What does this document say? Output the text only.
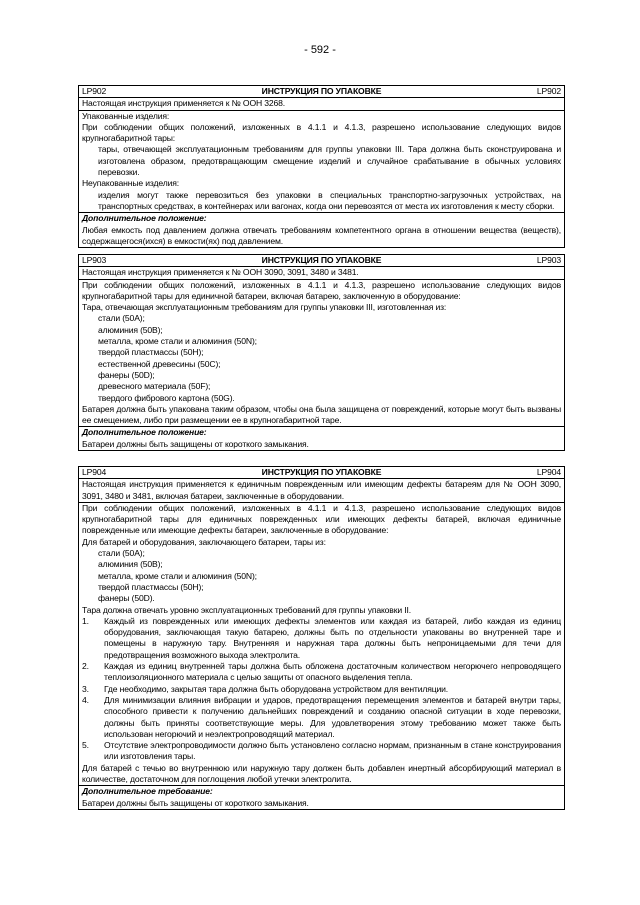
- 592 -
LP902	ИНСТРУКЦИЯ ПО УПАКОВКЕ	LP902
Настоящая инструкция применяется к № ООН 3268.
Упакованные изделия:
При соблюдении общих положений, изложенных в 4.1.1 и 4.1.3, разрешено использование следующих видов крупногабаритной тары:
тары, отвечающей эксплуатационным требованиям для группы упаковки III. Тара должна быть сконструирована и изготовлена образом, предотвращающим смещение изделий и случайное срабатывание в обычных условиях перевозки.
Неупакованные изделия:
изделия могут также перевозиться без упаковки в специальных транспортно-загрузочных устройствах, на транспортных средствах, в контейнерах или вагонах, когда они перевозятся от места их изготовления к месту сборки.
Дополнительное положение:
Любая емкость под давлением должна отвечать требованиям компетентного органа в отношении вещества (веществ), содержащегося(ихся) в емкости(ях) под давлением.
LP903	ИНСТРУКЦИЯ ПО УПАКОВКЕ	LP903
Настоящая инструкция применяется к № ООН 3090, 3091, 3480 и 3481.
При соблюдении общих положений, изложенных в 4.1.1 и 4.1.3, разрешено использование следующих видов крупногабаритной тары для единичной батареи, включая батарею, заключенную в оборудование:
Тара, отвечающая эксплуатационным требованиям для группы упаковки III, изготовленная из:
стали (50A);
алюминия (50B);
металла, кроме стали и алюминия (50N);
твердой пластмассы (50H);
естественной древесины (50C);
фанеры (50D);
древесного материала (50F);
твердого фибрового картона (50G).
Батарея должна быть упакована таким образом, чтобы она была защищена от повреждений, которые могут быть вызваны ее смещением, либо при размещении ее в крупногабаритной таре.
Дополнительное положение:
Батареи должны быть защищены от короткого замыкания.
LP904	ИНСТРУКЦИЯ ПО УПАКОВКЕ	LP904
Настоящая инструкция применяется к единичным поврежденным или имеющим дефекты батареям для № ООН 3090, 3091, 3480 и 3481, включая батареи, заключенные в оборудовании.
При соблюдении общих положений, изложенных в 4.1.1 и 4.1.3, разрешено использование следующих видов крупногабаритной тары для единичных поврежденных или имеющих дефекты батарей, включая единичные поврежденные или имеющие дефекты батареи, заключенные в оборудование:
Для батарей и оборудования, заключающего батареи, тары из:
стали (50A);
алюминия (50B);
металла, кроме стали и алюминия (50N);
твердой пластмассы (50H);
фанеры (50D).
Тара должна отвечать уровню эксплуатационных требований для группы упаковки II.
1.	Каждый из поврежденных или имеющих дефекты элементов или каждая из батарей, либо каждая из единиц оборудования, заключающая такую батарею, должны быть по отдельности упакованы во внутренней таре и помещены в наружную тару. Внутренняя и наружная тара должны быть непроницаемыми для течи для предотвращения возможного выхода электролита.
2.	Каждая из единиц внутренней тары должна быть обложена достаточным количеством негорючего непроводящего теплоизоляционного материала с целью защиты от опасного выделения тепла.
3.	Где необходимо, закрытая тара должна быть оборудована устройством для вентиляции.
4.	Для минимизации влияния вибрации и ударов, предотвращения перемещения элементов и батарей внутри тары, способного привести к получению дальнейших повреждений и созданию опасной ситуации в ходе перевозки, должны быть приняты соответствующие меры. Для удовлетворения этому требованию может также быть использован негорючий и неэлектропроводящий материал.
5.	Отсутствие электропроводимости должно быть установлено согласно нормам, признанным в стане конструирования или изготовления тары.
Для батарей с течью во внутреннюю или наружную тару должен быть добавлен инертный абсорбирующий материал в количестве, достаточном для поглощения любой утечки электролита.
Дополнительное требование:
Батареи должны быть защищены от короткого замыкания.
